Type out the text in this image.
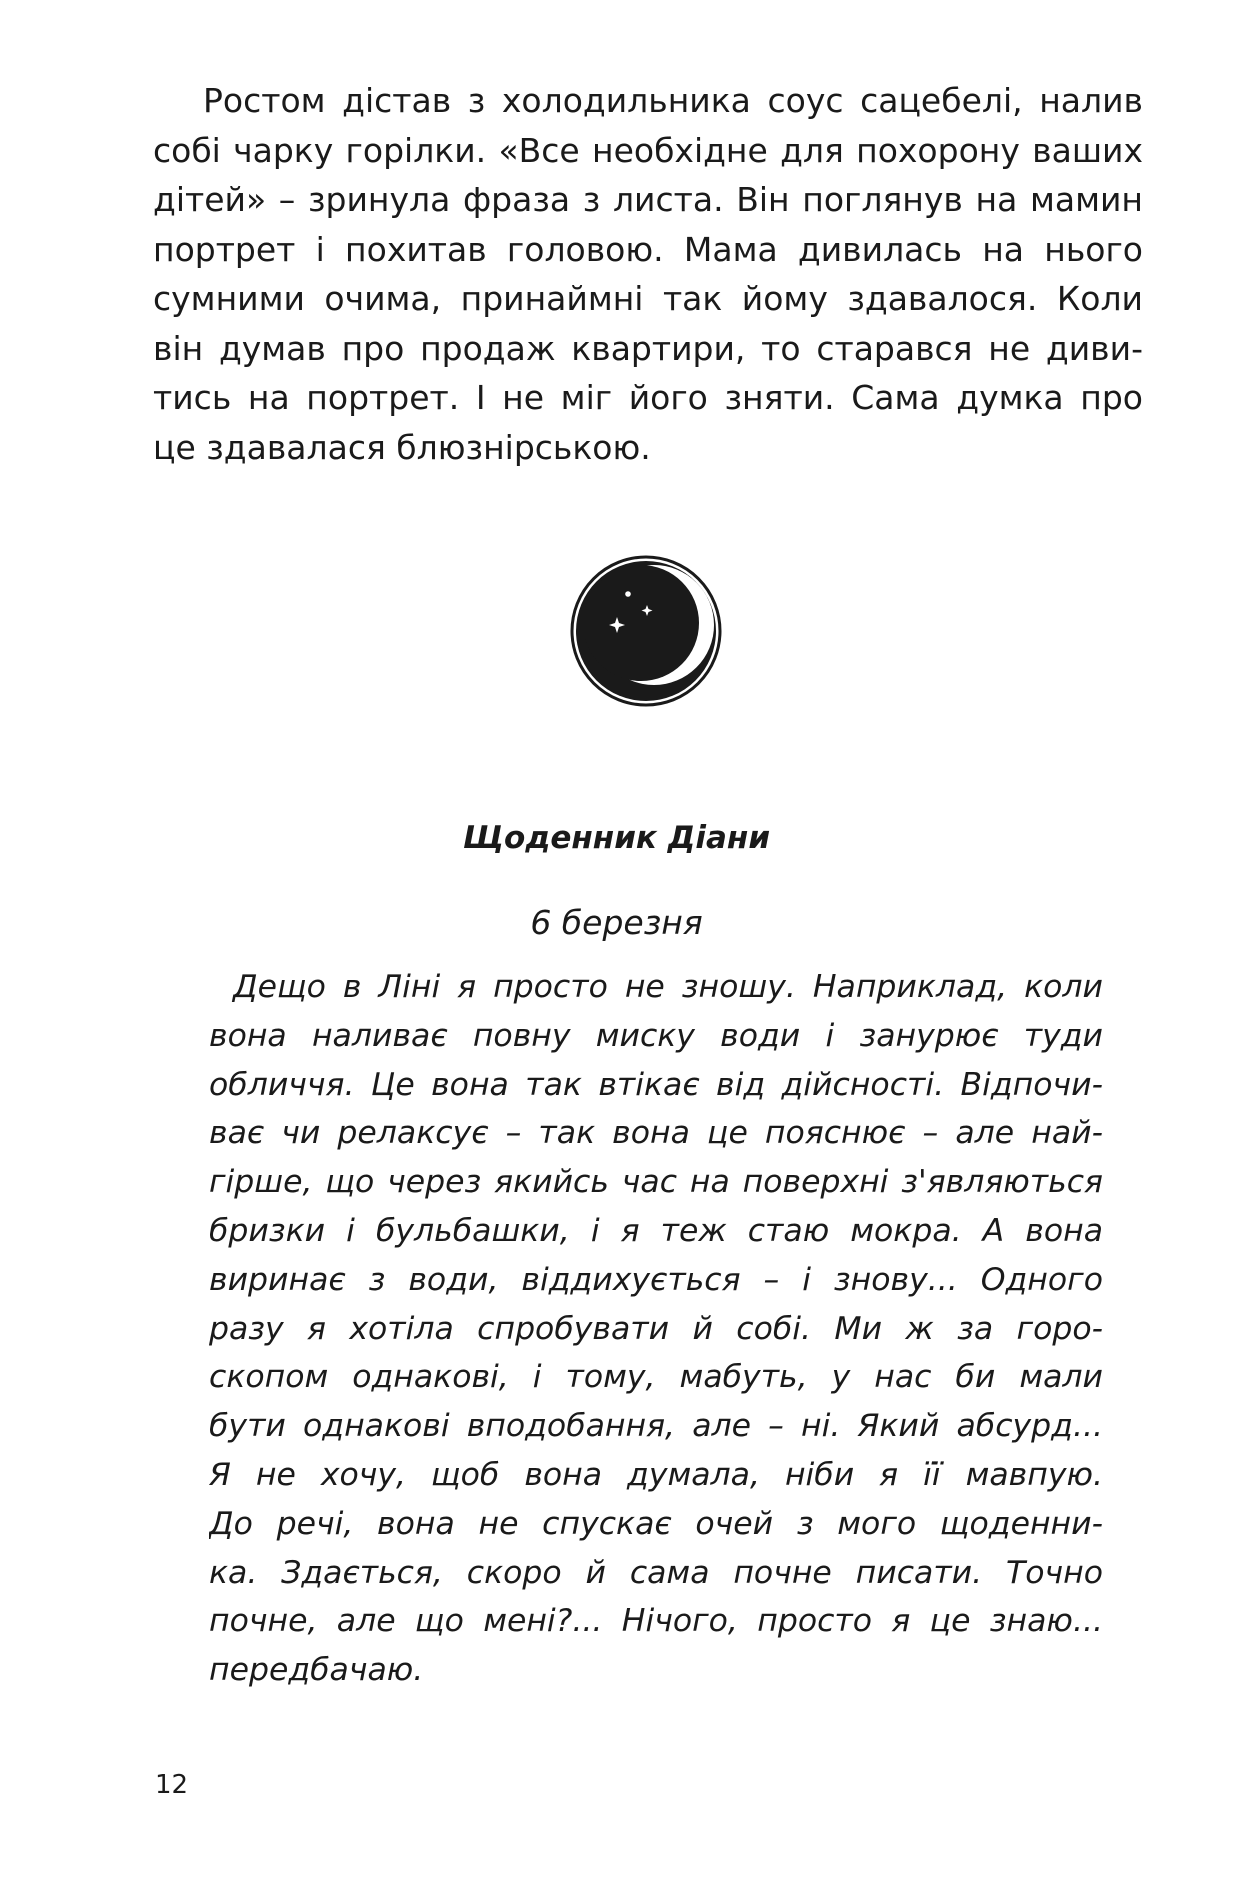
Ростом дістав з холодильника соус сацебелі, налив

собі чарку горілки. «Все необхідне для похорону ваших

дітей» – зринула фраза з листа. Він поглянув на мамин

портрет і похитав головою. Мама дивилась на нього

сумними очима, принаймні так йому здавалося. Коли

він думав про продаж квартири, то старався не диви-

тись на портрет. І не міг його зняти. Сама думка про

це здавалася блюзнірською.

Щоденник Діани
6 березня

Дещо в Ліні я просто не зношу. Наприклад, коли

вона наливає повну миску води і занурює туди

обличчя. Це вона так втікає від дійсності. Відпочи-

ває чи релаксує – так вона це пояснює – але най-

гірше, що через якийсь час на поверхні з'являються

бризки і бульбашки, і я теж стаю мокра. А вона

виринає з води, віддихується – і знову... Одного

разу я хотіла спробувати й собі. Ми ж за горо-

скопом однакові, і тому, мабуть, у нас би мали

бути однакові вподобання, але – ні. Який абсурд...

Я не хочу, щоб вона думала, ніби я її мавпую.

До речі, вона не спускає очей з мого щоденни-

ка. Здається, скоро й сама почне писати. Точно

почне, але що мені?... Нічого, просто я це знаю...

передбачаю.

12
